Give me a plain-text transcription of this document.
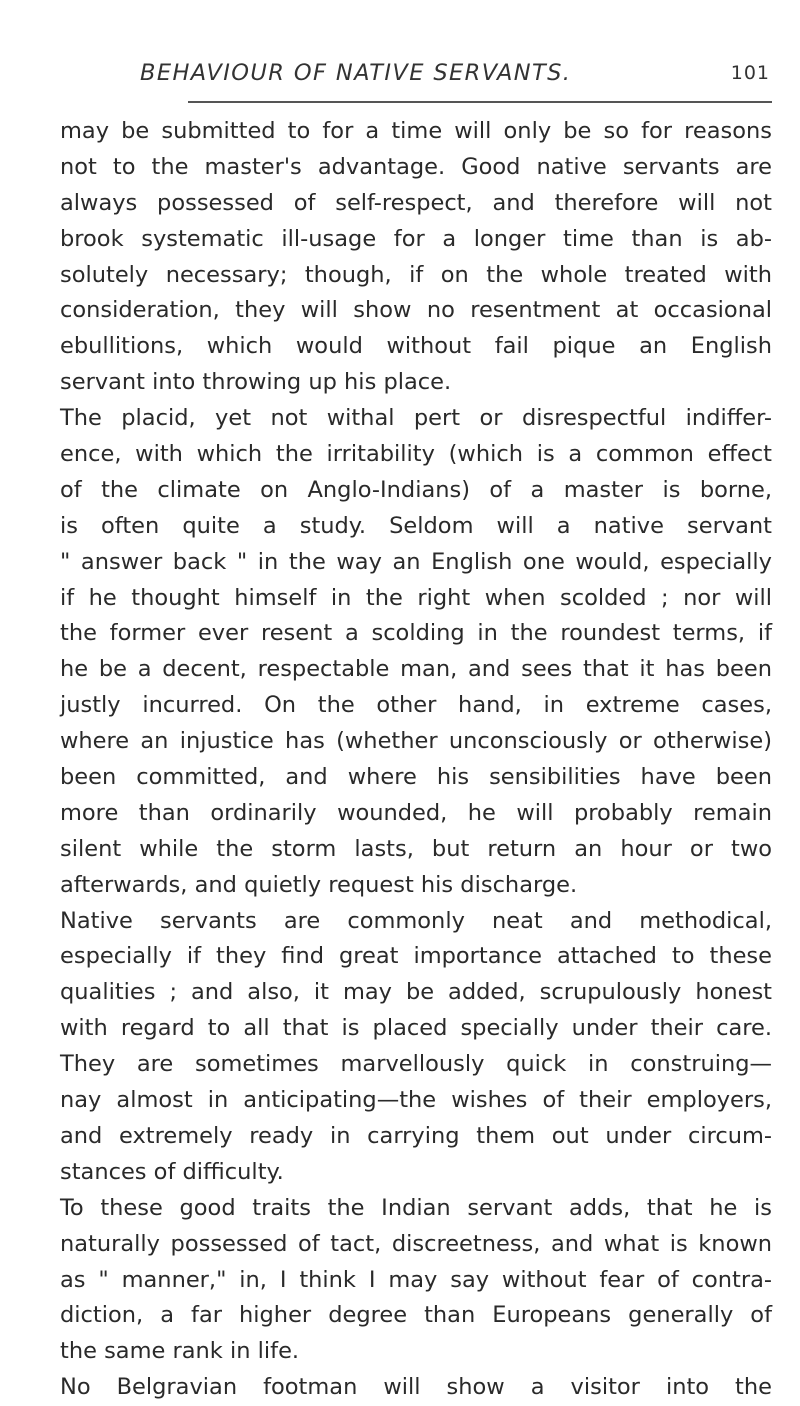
BEHAVIOUR OF NATIVE SERVANTS.	101
may be submitted to for a time will only be so for reasons
not to the master's advantage. Good native servants are
always possessed of self-respect, and therefore will not
brook systematic ill-usage for a longer time than is ab-
solutely necessary; though, if on the whole treated with
consideration, they will show no resentment at occasional
ebullitions, which would without fail pique an English
servant into throwing up his place.
The placid, yet not withal pert or disrespectful indiffer-
ence, with which the irritability (which is a common effect
of the climate on Anglo-Indians) of a master is borne,
is often quite a study. Seldom will a native servant
" answer back " in the way an English one would, especially
if he thought himself in the right when scolded ; nor will
the former ever resent a scolding in the roundest terms, if
he be a decent, respectable man, and sees that it has been
justly incurred. On the other hand, in extreme cases,
where an injustice has (whether unconsciously or otherwise)
been committed, and where his sensibilities have been
more than ordinarily wounded, he will probably remain
silent while the storm lasts, but return an hour or two
afterwards, and quietly request his discharge.
Native servants are commonly neat and methodical,
especially if they find great importance attached to these
qualities ; and also, it may be added, scrupulously honest
with regard to all that is placed specially under their care.
They are sometimes marvellously quick in construing—
nay almost in anticipating—the wishes of their employers,
and extremely ready in carrying them out under circum-
stances of difficulty.
To these good traits the Indian servant adds, that he is
naturally possessed of tact, discreetness, and what is known
as " manner," in, I think I may say without fear of contra-
diction, a far higher degree than Europeans generally of
the same rank in life.
No Belgravian footman will show a visitor into the
